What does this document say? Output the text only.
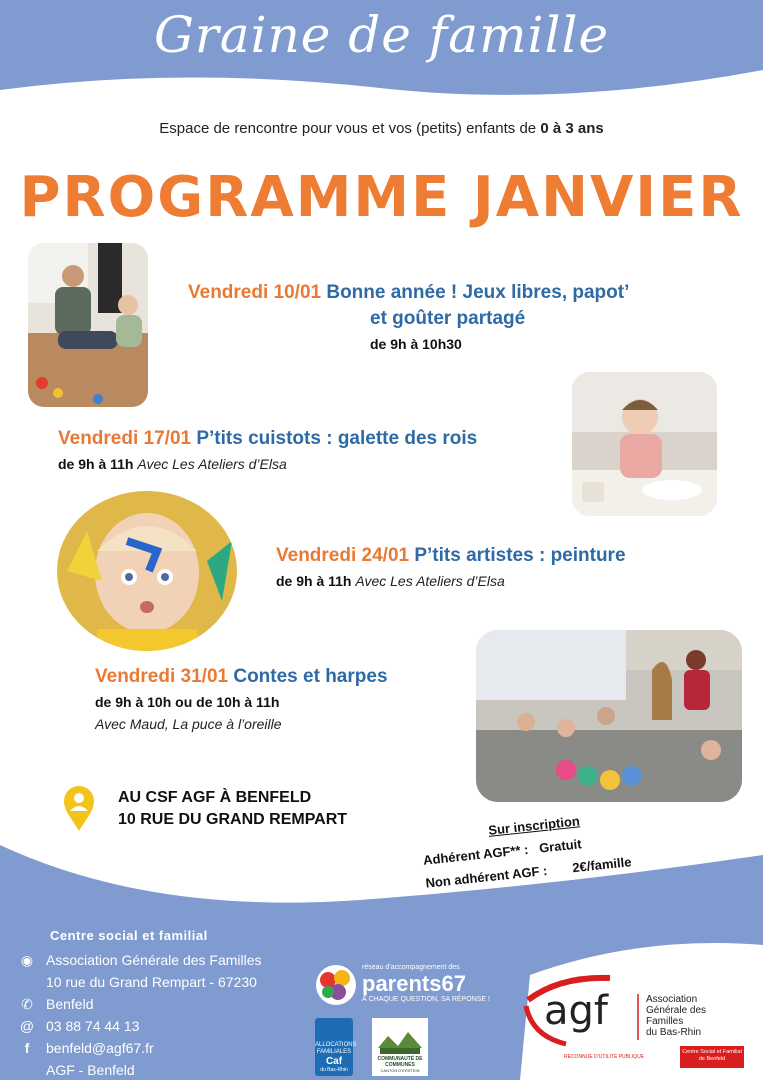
Graine de famille
Espace de rencontre pour vous et vos (petits) enfants de 0 à 3 ans
PROGRAMME JANVIER
Vendredi 10/01 Bonne année ! Jeux libres, papot’
et goûter partagé
de 9h à 10h30
Vendredi 17/01 P’tits cuistots : galette des rois
de 9h à 11h Avec Les Ateliers d’Elsa
Vendredi 24/01 P’tits artistes : peinture
de 9h à 11h Avec Les Ateliers d’Elsa
Vendredi 31/01 Contes et harpes
de 9h à 10h ou de 10h à 11h
Avec Maud, La puce à l’oreille
AU CSF AGF À BENFELD
10 RUE DU GRAND REMPART	Sur inscription
Adhérent AGF** : Gratuit
Non adhérent AGF : 2€/famille
Centre social et familial
◉ Association Générale des Familles
10 rue du Grand Rempart - 67230
✆ Benfeld
@ 03 88 74 44 13
f	benfeld@agf67.fr
AGF - Benfeld
réseau d’accompagnement des
parents67
À CHAQUE QUESTION, SA RÉPONSE !
ALLOCATIONS FAMILIALES
Caf
du Bas-Rhin
COMMUNAUTÉ DE COMMUNES
CANTON D’ERSTEIN
agf	Association
Générale des
Familles
du Bas-Rhin
RECONNUE D’UTILITÉ PUBLIQUE
Centre Social et Familial de Benfeld
